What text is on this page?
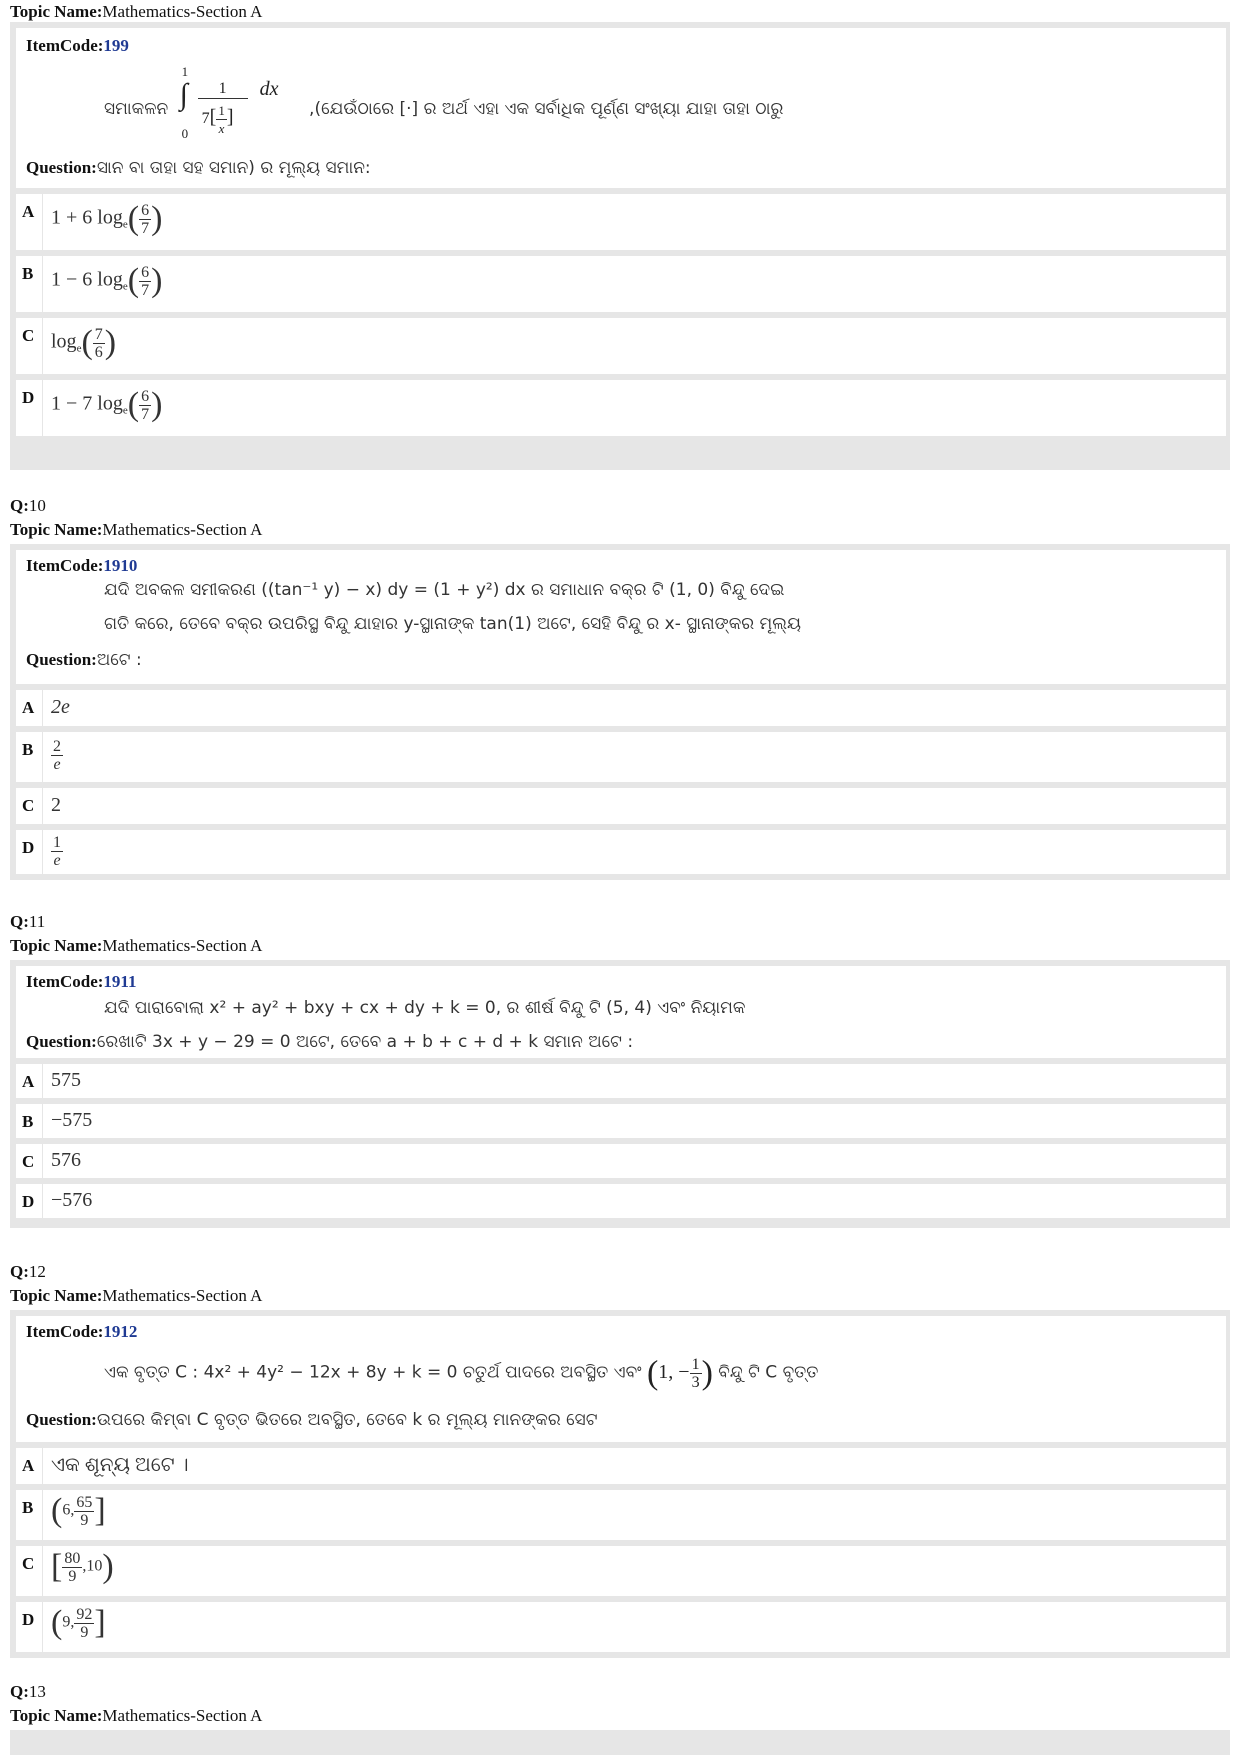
Topic Name:Mathematics-Section A
ItemCode:199
ସମାକଳନ
1
∫
0
1
$7[ \frac{1}{x}$ ]
dx
,(ଯେଉଁଠାରେ [·] ର ଅର୍ଥ ଏହା ଏକ ସର୍ବାଧିକ ପୂର୍ଣ୍ଣ ସଂଖ୍ୟା ଯାହା ତାହା ଠାରୁ
Question:ସାନ ବା ତାହା ସହ ସମାନ) ର ମୂଲ୍ୟ ସମାନ:
A 1 + 6 $\log_e( \frac{6}{7}$ )
B 1 − 6 $\log_e( \frac{6}{7}$ )
C $\log_e( \frac{7}{6}$ )
D 1 − 7 $\log_e( \frac{6}{7}$ )
Q:10
Topic Name:Mathematics-Section A
ItemCode:1910
ଯଦି ଅବକଳ ସମୀକରଣ ((tan⁻¹ y) − x) dy = (1 + y²) dx ର ସମାଧାନ ବକ୍ର ଟି (1, 0) ବିନ୍ଦୁ ଦେଇ
ଗତି କରେ, ତେବେ ବକ୍ର ଉପରିସ୍ଥ ବିନ୍ଦୁ ଯାହାର y-ସ୍ଥାନାଙ୍କ tan(1) ଅଟେ, ସେହି ବିନ୍ଦୁ ର x- ସ୍ଥାନାଙ୍କର ମୂଲ୍ୟ
Question:ଅଟେ :
A 2e
B $\frac{2}{e}$
C 2
D $\frac{1}{e}$
Q:11
Topic Name:Mathematics-Section A
ItemCode:1911
ଯଦି ପାରାବୋଲା x² + ay² + bxy + cx + dy + k = 0, ର ଶୀର୍ଷ ବିନ୍ଦୁ ଟି (5, 4) ଏବଂ ନିୟାମକ
Question:ରେଖାଟି 3x + y − 29 = 0 ଅଟେ, ତେବେ a + b + c + d + k ସମାନ ଅଟେ :
A 575
B −575
C 576
D −576
Q:12
Topic Name:Mathematics-Section A
ItemCode:1912
ଏକ ବୃତ୍ତ C : 4x² + 4y² − 12x + 8y + k = 0 ଚତୁର୍ଥ ପାଦରେ ଅବସ୍ଥିତ ଏବଂ (1, − $\frac{1}{3}$ ) ବିନ୍ଦୁ ଟି C ବୃତ୍ତ
Question:ଉପରେ କିମ୍ବା C ବୃତ୍ତ ଭିତରେ ଅବସ୍ଥିତ, ତେବେ k ର ମୂଲ୍ୟ ମାନଙ୍କର ସେଟ
A ଏକ ଶୂନ୍ୟ ଅଟେ ।
B (6, $\frac{65}{9}$ ]
C [ $\frac{80}{9} ,10$)
D (9, $\frac{92}{9}$ ]
Q:13
Topic Name:Mathematics-Section A
